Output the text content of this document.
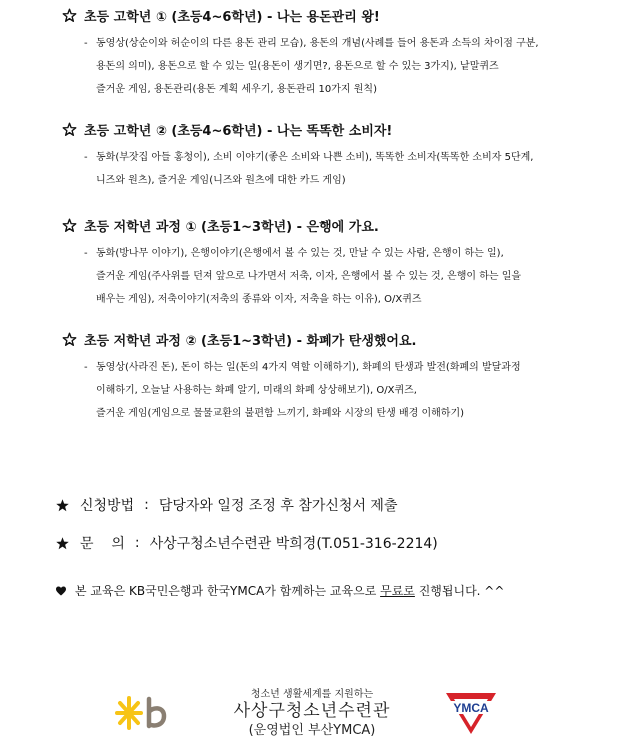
초등 고학년 ① (초등4~6학년) - 나는 용돈관리 왕!
- 동영상(상순이와 허순이의 다른 용돈 관리 모습), 용돈의 개념(사례를 들어 용돈과 소득의 차이점 구분,
용돈의 의미), 용돈으로 할 수 있는 일(용돈이 생기면?, 용돈으로 할 수 있는 3가지), 낱말퀴즈
즐거운 게임, 용돈관리(용돈 계획 세우기, 용돈관리 10가지 원칙)
초등 고학년 ② (초등4~6학년) - 나는 똑똑한 소비자!
- 동화(부잣집 아들 홍청이), 소비 이야기(좋은 소비와 나쁜 소비), 똑똑한 소비자(똑똑한 소비자 5단계,
니즈와 원츠), 즐거운 게임(니즈와 원츠에 대한 카드 게임)
초등 저학년 과정 ① (초등1~3학년) - 은행에 가요.
- 동화(방나무 이야기), 은행이야기(은행에서 볼 수 있는 것, 만날 수 있는 사람, 은행이 하는 일),
즐거운 게임(주사위를 던져 앞으로 나가면서 저축, 이자, 은행에서 볼 수 있는 것, 은행이 하는 일을
배우는 게임), 저축이야기(저축의 종류와 이자, 저축을 하는 이유), O/X퀴즈
초등 저학년 과정 ② (초등1~3학년) - 화폐가 탄생했어요.
- 동영상(사라진 돈), 돈이 하는 일(돈의 4가지 역할 이해하기), 화폐의 탄생과 발전(화폐의 발달과정
이해하기, 오늘날 사용하는 화폐 알기, 미래의 화폐 상상해보기), O/X퀴즈,
즐거운 게임(게임으로 물물교환의 불편함 느끼기, 화폐와 시장의 탄생 배경 이해하기)
신청방법 : 담당자와 일정 조정 후 참가신청서 제출
문    의 : 사상구청소년수련관 박희경(T.051-316-2214)
본 교육은 KB국민은행과 한국YMCA가 함께하는 교육으로 무료로 진행됩니다. ^^
청소년 생활세계를 지원하는
사상구청소년수련관
(운영법인 부산YMCA)
YMCA
